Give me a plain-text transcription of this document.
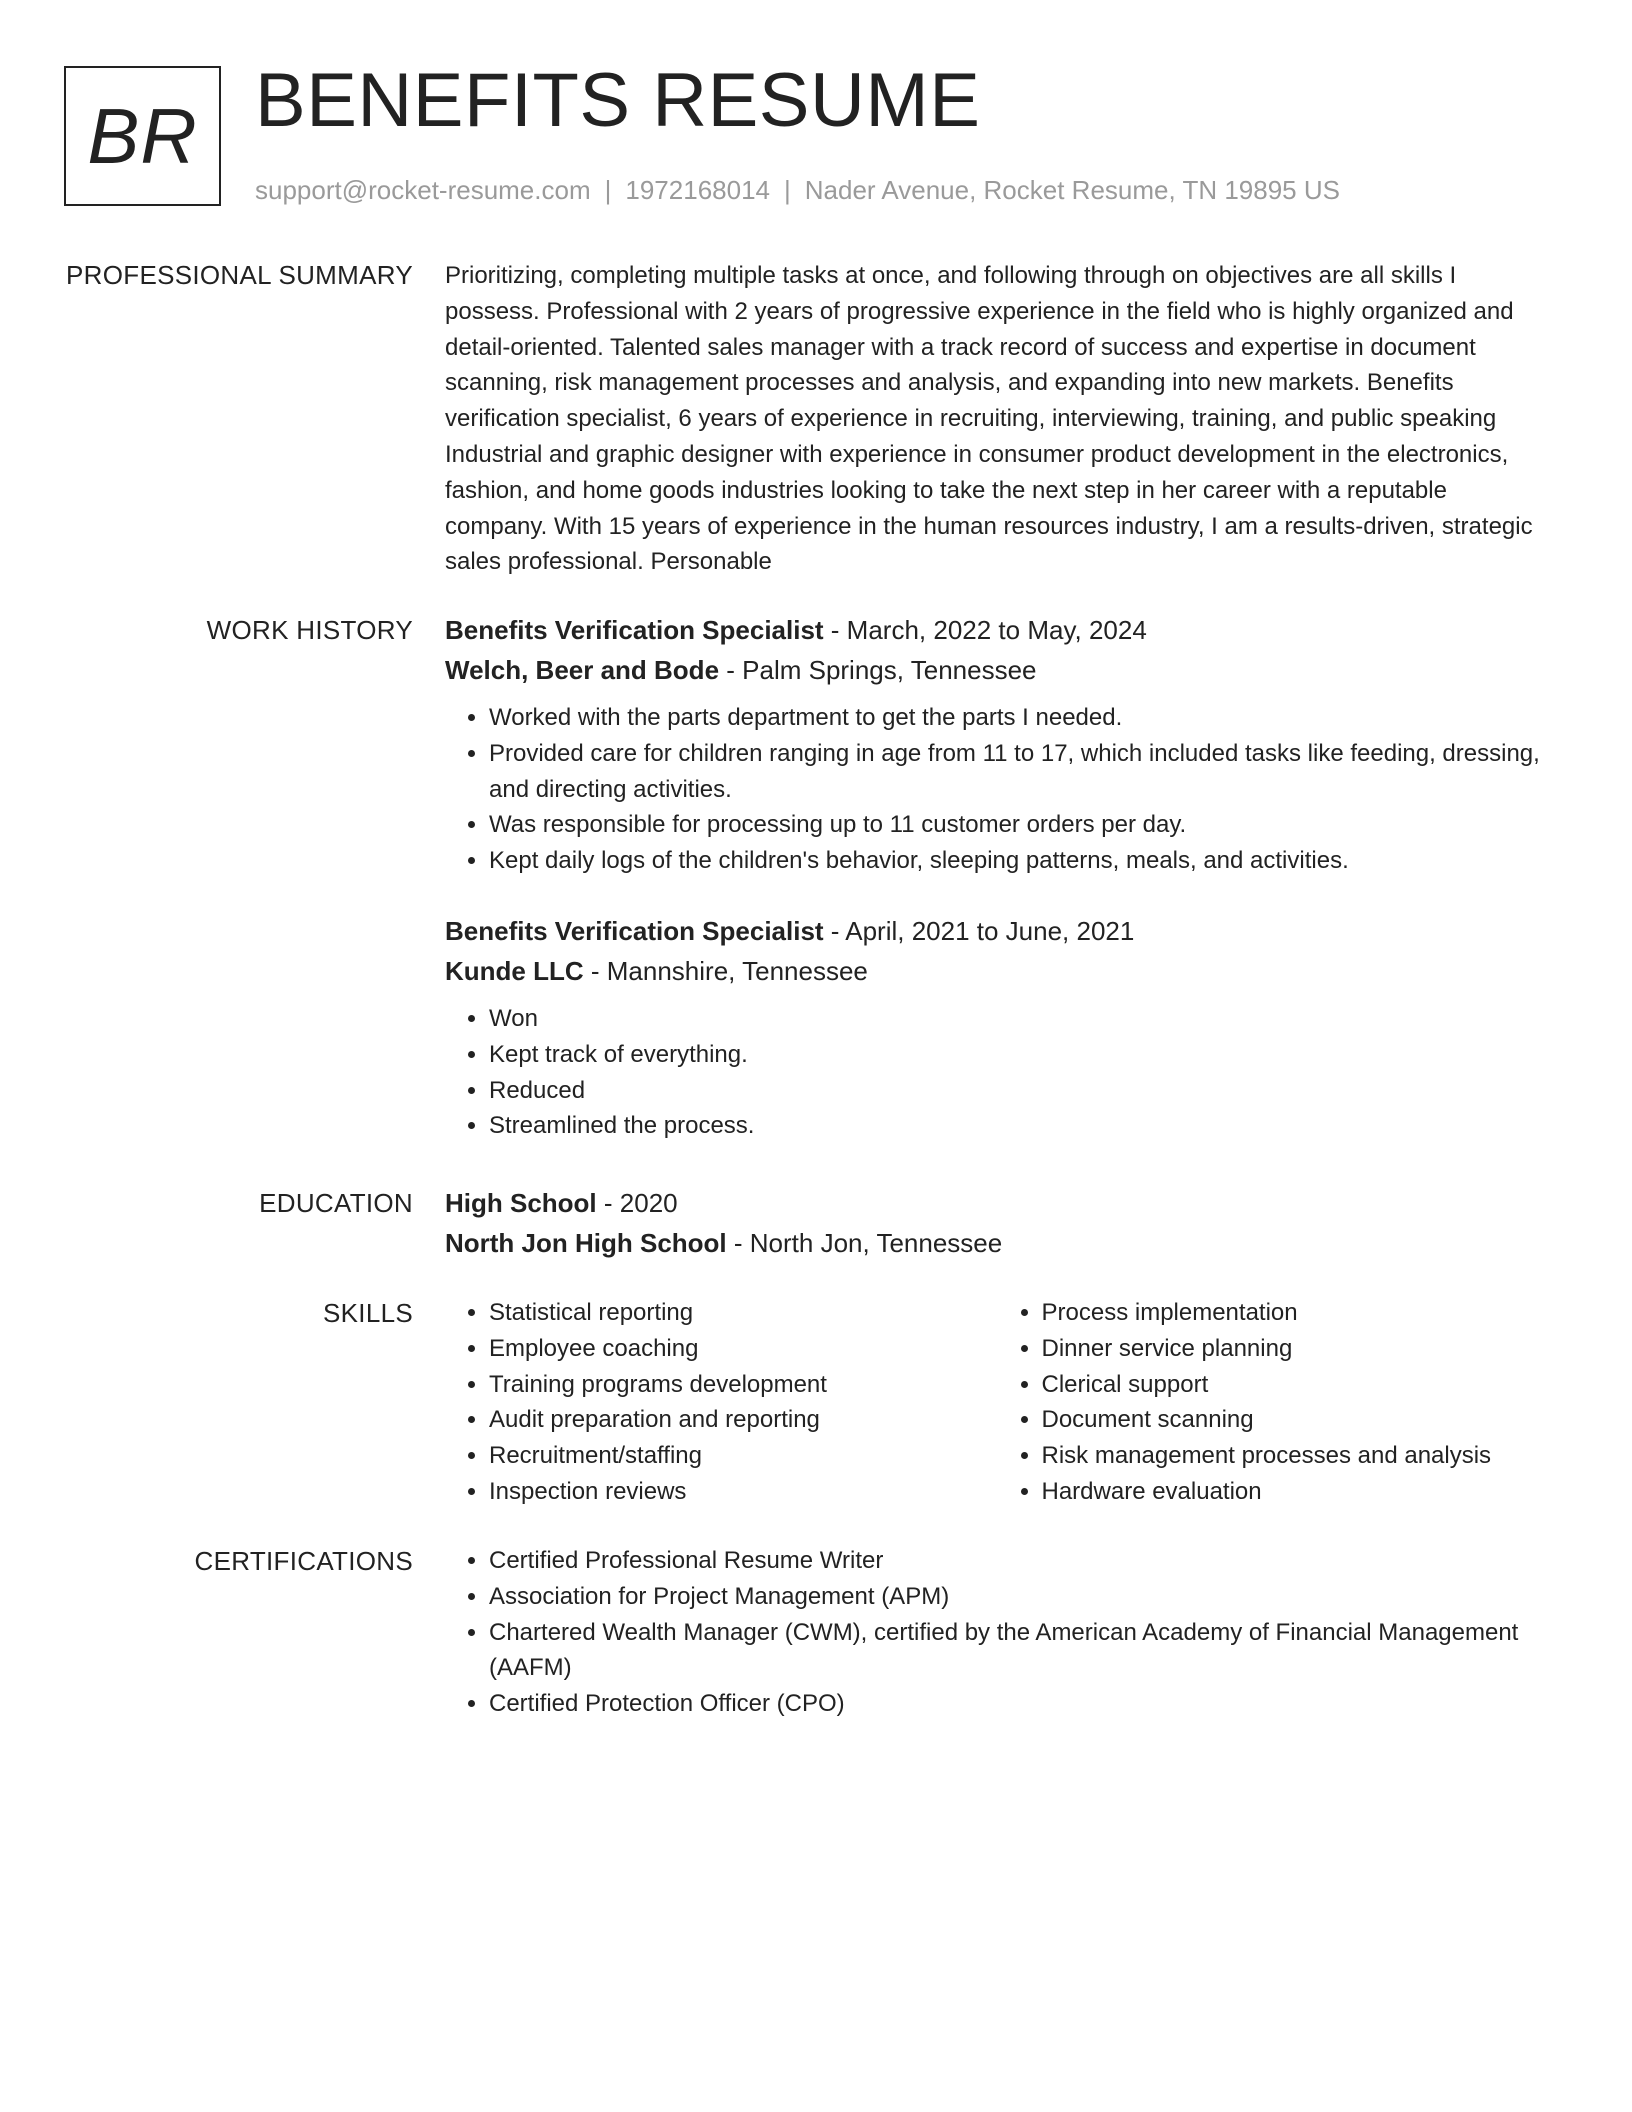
BR BENEFITS RESUME
support@rocket-resume.com | 1972168014 | Nader Avenue, Rocket Resume, TN 19895 US
PROFESSIONAL SUMMARY Prioritizing, completing multiple tasks at once, and following through on objectives are all skills I possess. Professional with 2 years of progressive experience in the field who is highly organized and detail-oriented. Talented sales manager with a track record of success and expertise in document scanning, risk management processes and analysis, and expanding into new markets. Benefits verification specialist, 6 years of experience in recruiting, interviewing, training, and public speaking Industrial and graphic designer with experience in consumer product development in the electronics, fashion, and home goods industries looking to take the next step in her career with a reputable company. With 15 years of experience in the human resources industry, I am a results-driven, strategic sales professional. Personable

WORK HISTORY Benefits Verification Specialist - March, 2022 to May, 2024
Welch, Beer and Bode - Palm Springs, Tennessee
• Worked with the parts department to get the parts I needed.
• Provided care for children ranging in age from 11 to 17, which included tasks like feeding, dressing, and directing activities.
• Was responsible for processing up to 11 customer orders per day.
• Kept daily logs of the children's behavior, sleeping patterns, meals, and activities.
Benefits Verification Specialist - April, 2021 to June, 2021
Kunde LLC - Mannshire, Tennessee
• Won
• Kept track of everything.
• Reduced
• Streamlined the process.
EDUCATION High School - 2020
North Jon High School - North Jon, Tennessee
SKILLS	• Statistical reporting
• Employee coaching
• Training programs development
• Audit preparation and reporting
• Recruitment/staffing
• Inspection reviews
• Process implementation
• Dinner service planning
• Clerical support
• Document scanning
• Risk management processes and analysis
• Hardware evaluation
CERTIFICATIONS	• Certified Professional Resume Writer
• Association for Project Management (APM)
• Chartered Wealth Manager (CWM), certified by the American Academy of Financial Management (AAFM)
• Certified Protection Officer (CPO)
